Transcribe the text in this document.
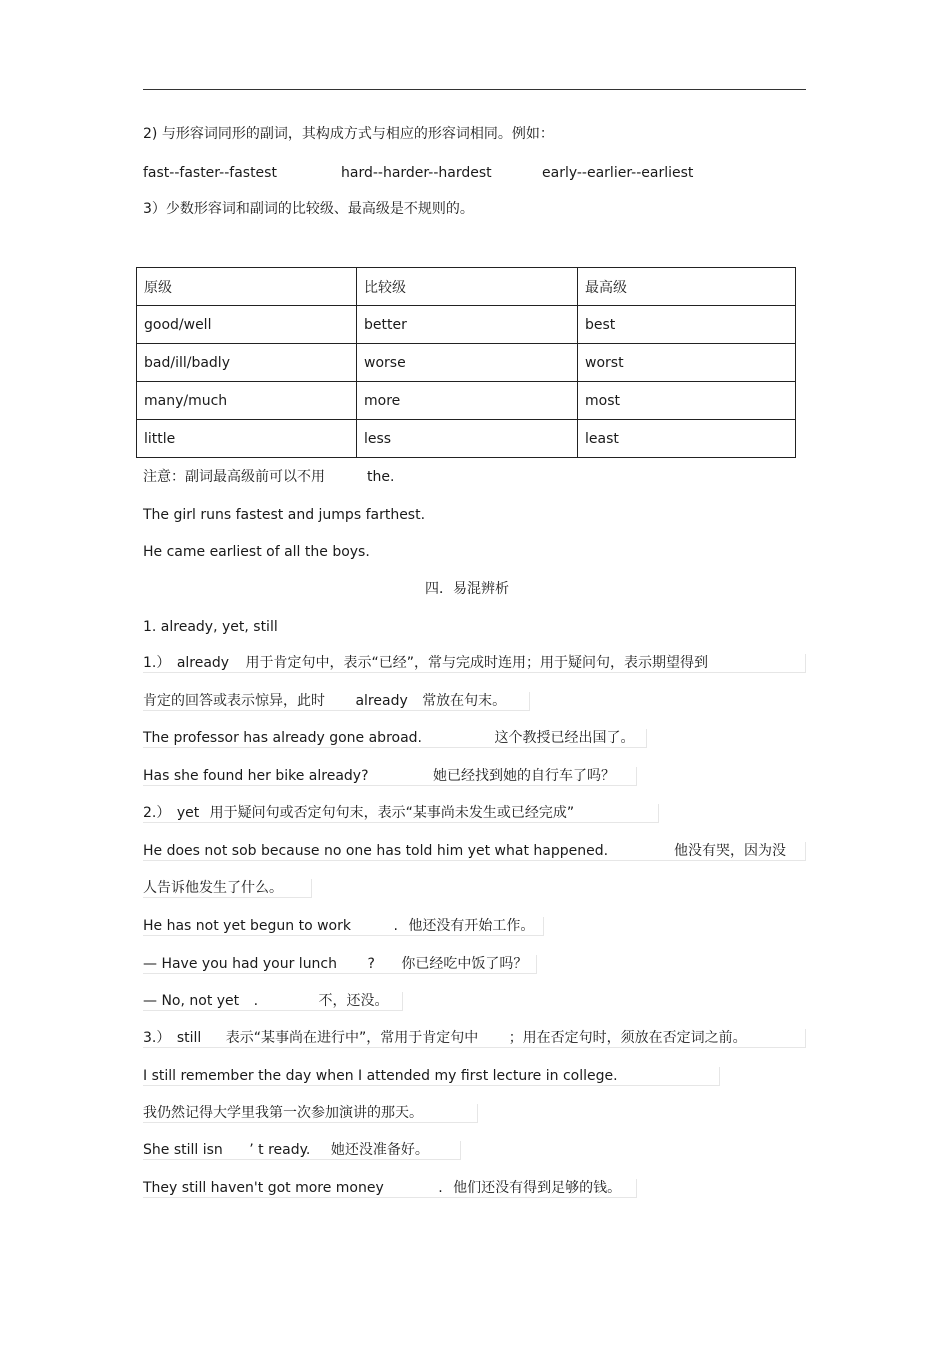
2) 与形容词同形的副词，其构成方式与相应的形容词相同。例如：
fast--faster--fastest	hard--harder--hardest	early--earlier--earliest
3）少数形容词和副词的比较级、最高级是不规则的。
原级	比较级	最高级
good/well	better	best
bad/ill/badly	worse	worst
many/much	more	most
little	less	least
注意：副词最高级前可以不用	the.
The girl runs fastest and jumps farthest.
He came earliest of all the boys.
四．易混辨析
1. already, yet, still
1.） already 用于肯定句中，表示“已经”，常与完成时连用；用于疑问句，表示期望得到
肯定的回答或表示惊异，此时 already 常放在句末。
The professor has already gone abroad.	这个教授已经出国了。
Has she found her bike already?	她已经找到她的自行车了吗？
2.） yet 用于疑问句或否定句句末，表示“某事尚未发生或已经完成”
He does not sob because no one has told him yet what happened.	他没有哭，因为没
人告诉他发生了什么。
He has not yet begun to work	. 他还没有开始工作。
— Have you had your lunch ? 你已经吃中饭了吗？
— No, not yet .	不，还没。
3.） still 表示“某事尚在进行中”，常用于肯定句中 ；用在否定句时，须放在否定词之前。
I still remember the day when I attended my first lecture in college.
我仍然记得大学里我第一次参加演讲的那天。
She still isn ’ t ready. 她还没准备好。
They still haven't got more money	. 他们还没有得到足够的钱。
